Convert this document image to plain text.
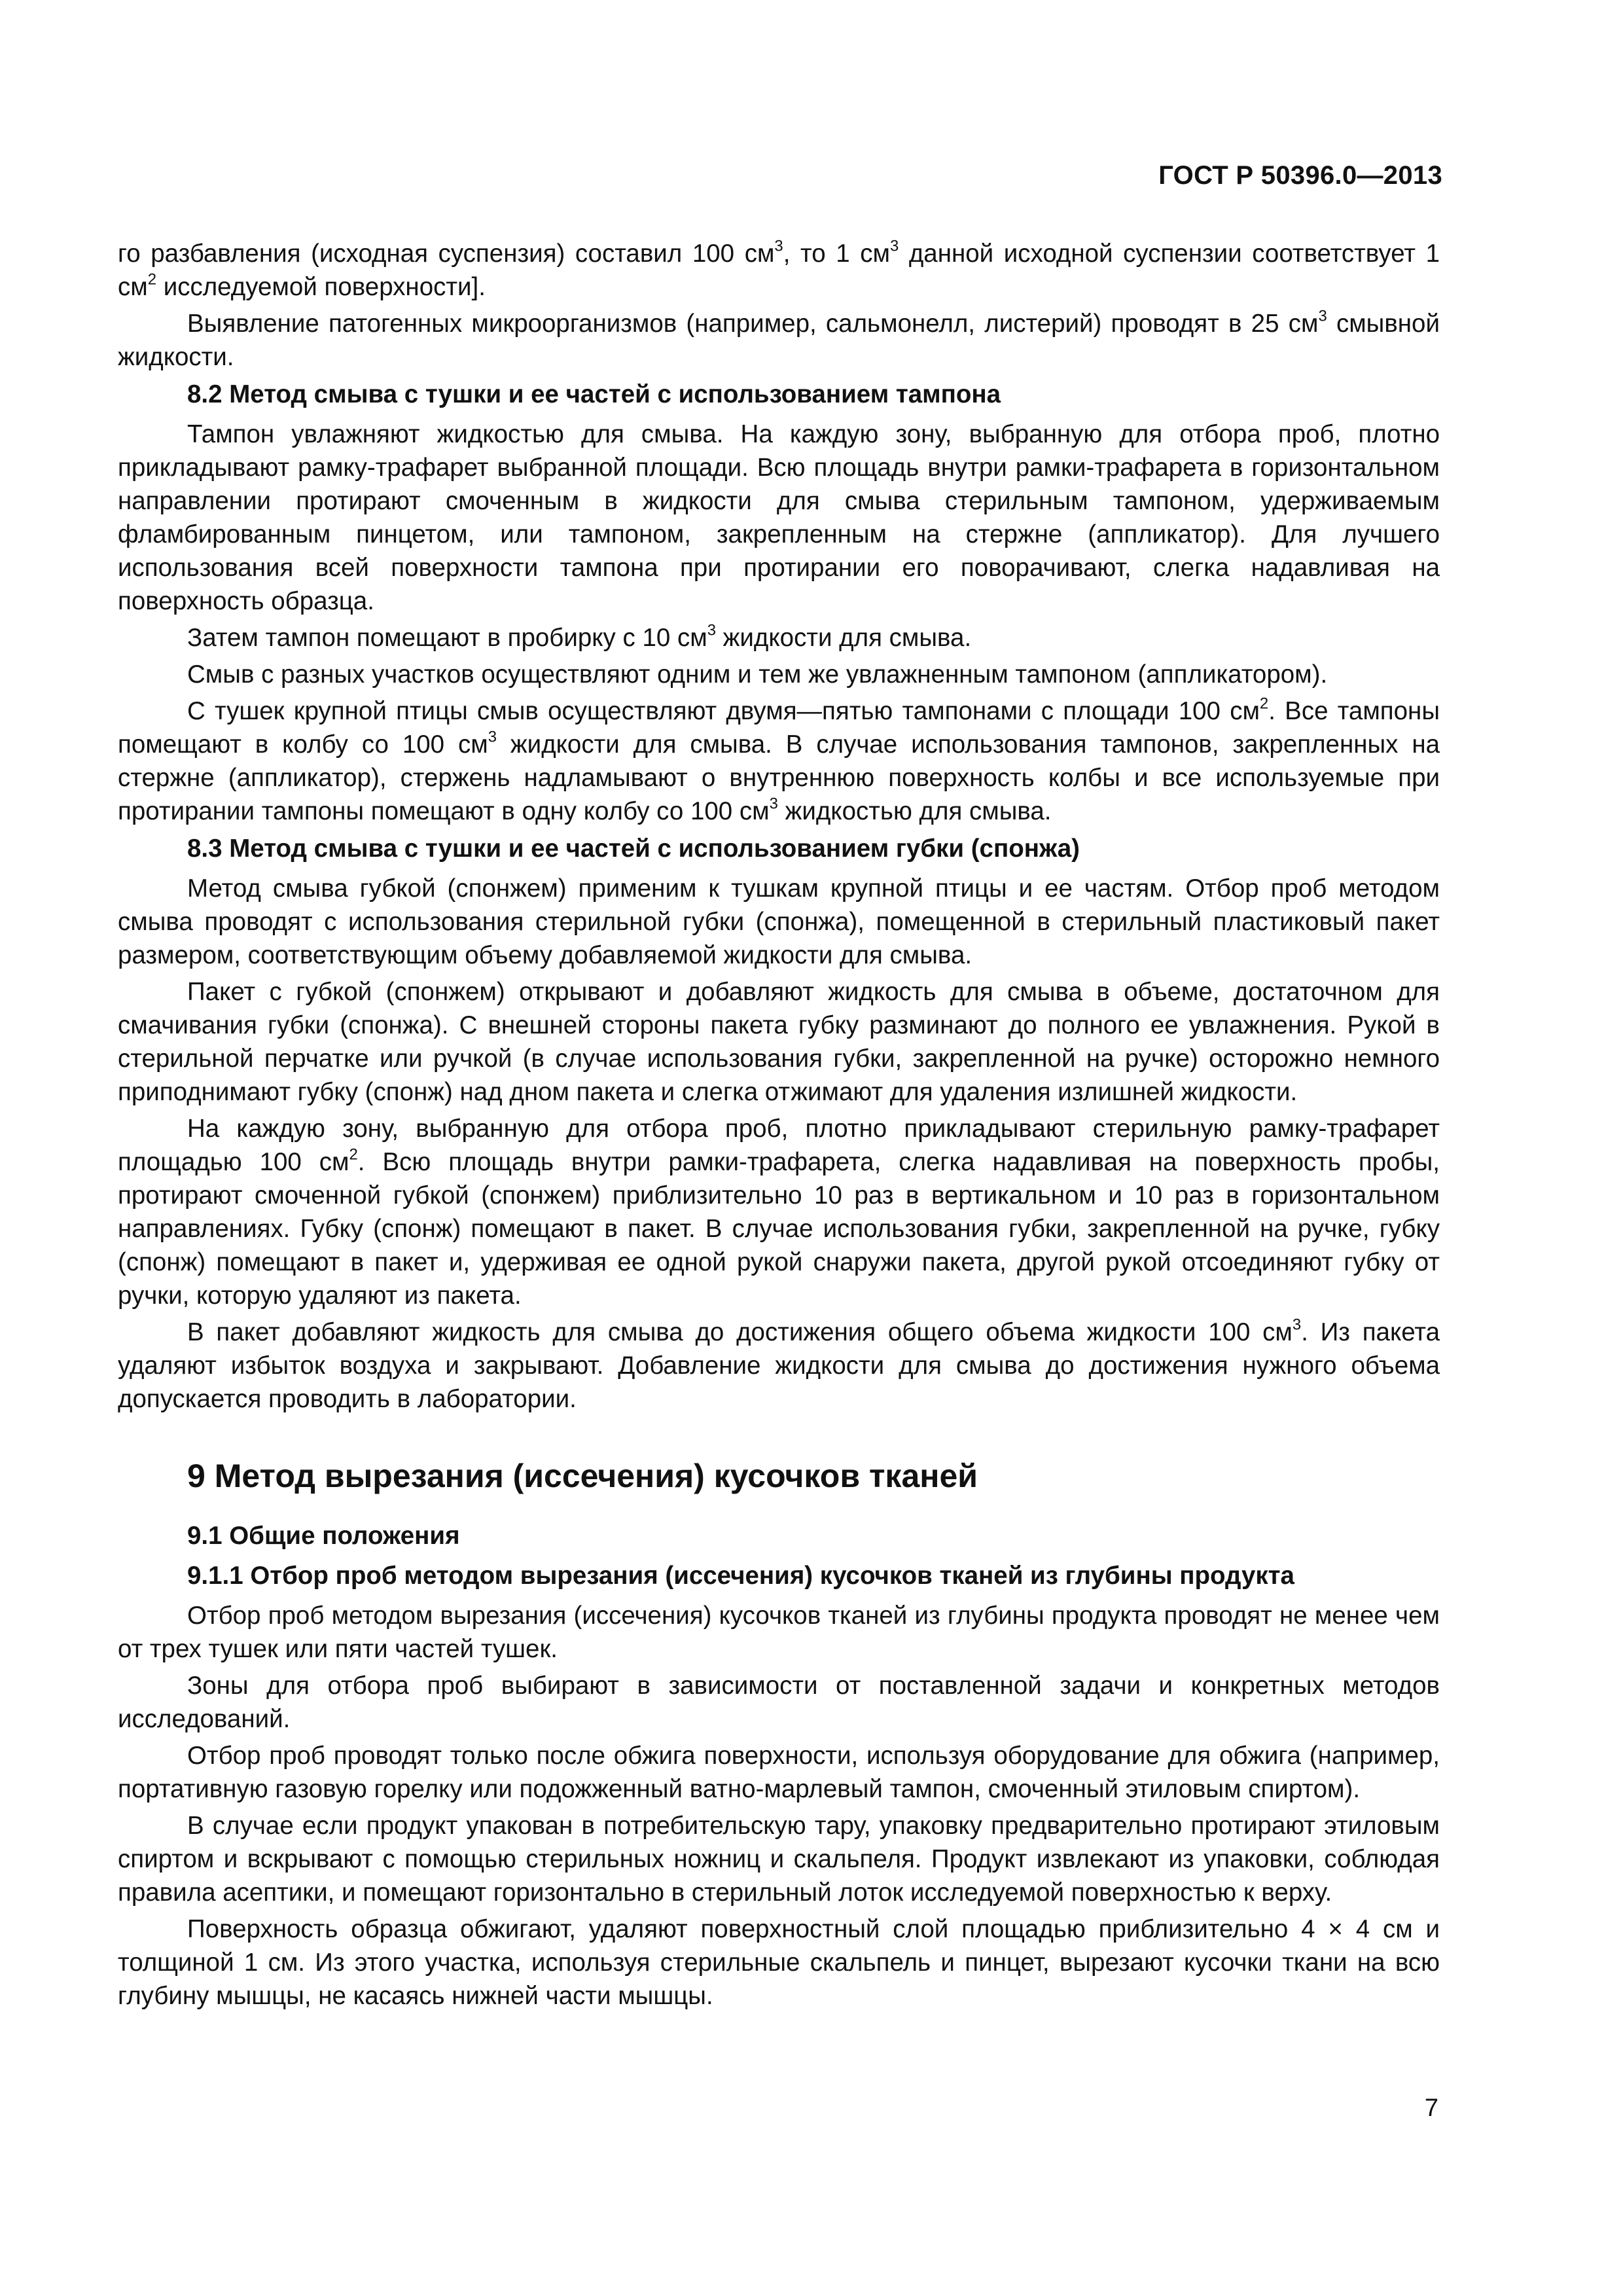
ГОСТ Р 50396.0—2013

го разбавления (исходная суспензия) составил 100 $см^3$, то 1 $см^3$ данной исходной суспензии соответствует 1 $см^2$ исследуемой поверхности].

Выявление патогенных микроорганизмов (например, сальмонелл, листерий) проводят в 25 $см^3$ смывной жидкости.

8.2 Метод смыва с тушки и ее частей с использованием тампона

Тампон увлажняют жидкостью для смыва. На каждую зону, выбранную для отбора проб, плотно прикладывают рамку-трафарет выбранной площади. Всю площадь внутри рамки-трафарета в горизонтальном направлении протирают смоченным в жидкости для смыва стерильным тампоном, удерживаемым фламбированным пинцетом, или тампоном, закрепленным на стержне (аппликатор). Для лучшего использования всей поверхности тампона при протирании его поворачивают, слегка надавливая на поверхность образца.

Затем тампон помещают в пробирку с 10 $см^3$ жидкости для смыва.

Смыв с разных участков осуществляют одним и тем же увлажненным тампоном (аппликатором).

С тушек крупной птицы смыв осуществляют двумя—пятью тампонами с площади 100 $см^2$. Все тампоны помещают в колбу со 100 $см^3$ жидкости для смыва. В случае использования тампонов, закрепленных на стержне (аппликатор), стержень надламывают о внутреннюю поверхность колбы и все используемые при протирании тампоны помещают в одну колбу со 100 $см^3$ жидкостью для смыва.

8.3 Метод смыва с тушки и ее частей с использованием губки (спонжа)

Метод смыва губкой (спонжем) применим к тушкам крупной птицы и ее частям. Отбор проб методом смыва проводят с использования стерильной губки (спонжа), помещенной в стерильный пластиковый пакет размером, соответствующим объему добавляемой жидкости для смыва.

Пакет с губкой (спонжем) открывают и добавляют жидкость для смыва в объеме, достаточном для смачивания губки (спонжа). С внешней стороны пакета губку разминают до полного ее увлажнения. Рукой в стерильной перчатке или ручкой (в случае использования губки, закрепленной на ручке) осторожно немного приподнимают губку (спонж) над дном пакета и слегка отжимают для удаления излишней жидкости.

На каждую зону, выбранную для отбора проб, плотно прикладывают стерильную рамку-трафарет площадью 100 $см^2$. Всю площадь внутри рамки-трафарета, слегка надавливая на поверхность пробы, протирают смоченной губкой (спонжем) приблизительно 10 раз в вертикальном и 10 раз в горизонтальном направлениях. Губку (спонж) помещают в пакет. В случае использования губки, закрепленной на ручке, губку (спонж) помещают в пакет и, удерживая ее одной рукой снаружи пакета, другой рукой отсоединяют губку от ручки, которую удаляют из пакета.

В пакет добавляют жидкость для смыва до достижения общего объема жидкости 100 $см^3$. Из пакета удаляют избыток воздуха и закрывают. Добавление жидкости для смыва до достижения нужного объема допускается проводить в лаборатории.

9 Метод вырезания (иссечения) кусочков тканей
9.1 Общие положения
9.1.1 Отбор проб методом вырезания (иссечения) кусочков тканей из глубины продукта

Отбор проб методом вырезания (иссечения) кусочков тканей из глубины продукта проводят не менее чем от трех тушек или пяти частей тушек.

Зоны для отбора проб выбирают в зависимости от поставленной задачи и конкретных методов исследований.

Отбор проб проводят только после обжига поверхности, используя оборудование для обжига (например, портативную газовую горелку или подожженный ватно-марлевый тампон, смоченный этиловым спиртом).

В случае если продукт упакован в потребительскую тару, упаковку предварительно протирают этиловым спиртом и вскрывают с помощью стерильных ножниц и скальпеля. Продукт извлекают из упаковки, соблюдая правила асептики, и помещают горизонтально в стерильный лоток исследуемой поверхностью к верху.

Поверхность образца обжигают, удаляют поверхностный слой площадью приблизительно 4 × 4 см и толщиной 1 см. Из этого участка, используя стерильные скальпель и пинцет, вырезают кусочки ткани на всю глубину мышцы, не касаясь нижней части мышцы.

7
